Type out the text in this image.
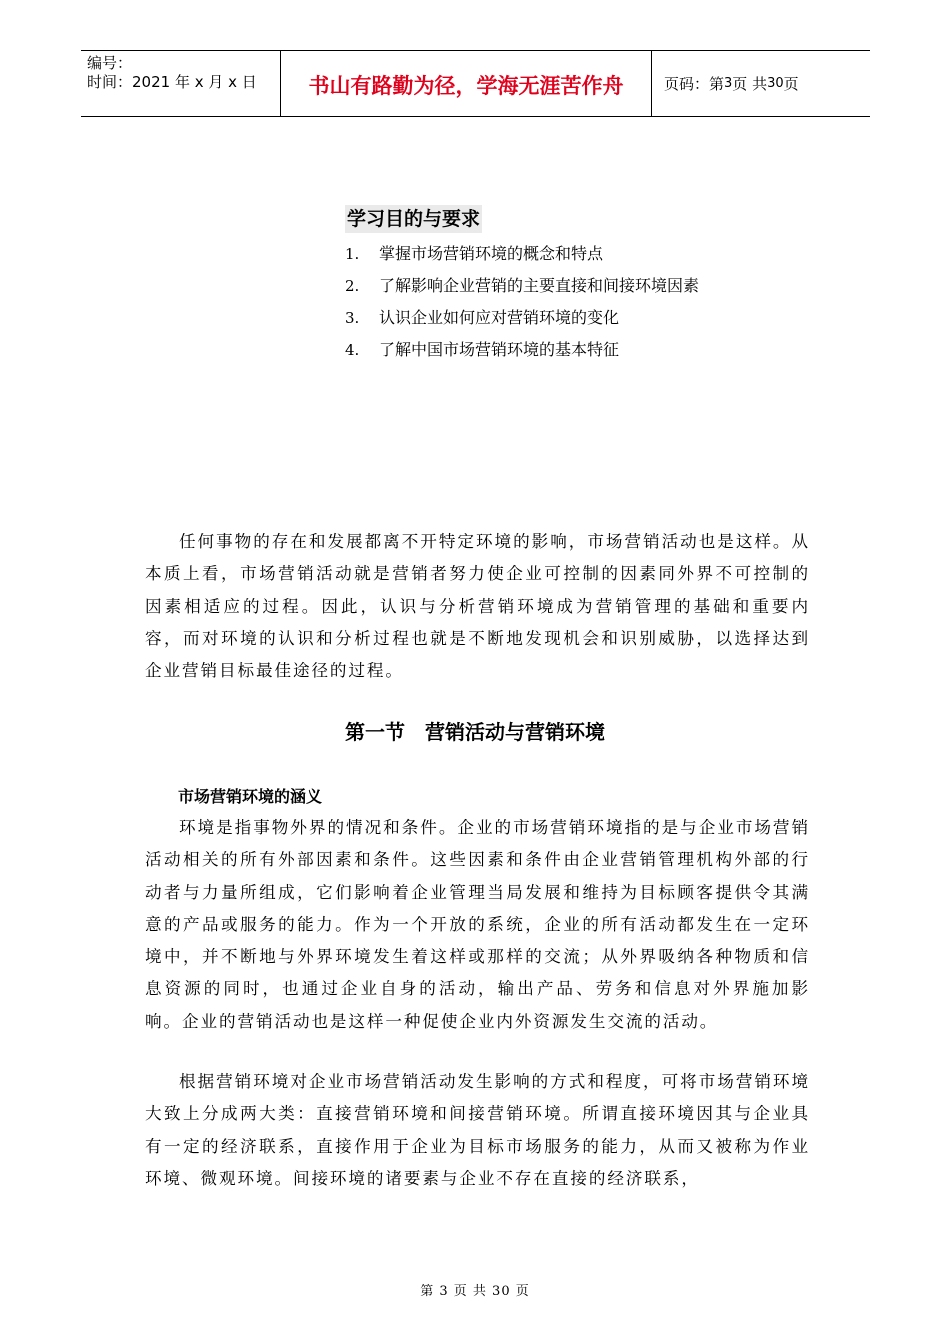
编号：
时间：2021 年 x 月 x 日	书山有路勤为径，学海无涯苦作舟	页码：第 3 页 共 30 页
学习目的与要求
1. 掌握市场营销环境的概念和特点
2. 了解影响企业营销的主要直接和间接环境因素
3. 认识企业如何应对营销环境的变化
4. 了解中国市场营销环境的基本特征

任何事物的存在和发展都离不开特定环境的影响，市场营销活动也是这样。从本质上看，市场营销活动就是营销者努力使企业可控制的因素同外界不可控制的因素相适应的过程。因此，认识与分析营销环境成为营销管理的基础和重要内容，而对环境的认识和分析过程也就是不断地发现机会和识别威胁，以选择达到企业营销目标最佳途径的过程。

第一节　营销活动与营销环境
市场营销环境的涵义

环境是指事物外界的情况和条件。企业的市场营销环境指的是与企业市场营销活动相关的所有外部因素和条件。这些因素和条件由企业营销管理机构外部的行动者与力量所组成，它们影响着企业管理当局发展和维持为目标顾客提供令其满意的产品或服务的能力。作为一个开放的系统，企业的所有活动都发生在一定环境中，并不断地与外界环境发生着这样或那样的交流；从外界吸纳各种物质和信息资源的同时，也通过企业自身的活动，输出产品、劳务和信息对外界施加影响。企业的营销活动也是这样一种促使企业内外资源发生交流的活动。

根据营销环境对企业市场营销活动发生影响的方式和程度，可将市场营销环境大致上分成两大类：直接营销环境和间接营销环境。所谓直接环境因其与企业具有一定的经济联系，直接作用于企业为目标市场服务的能力，从而又被称为作业环境、微观环境。间接环境的诸要素与企业不存在直接的经济联系，

第 3 页 共 30 页
